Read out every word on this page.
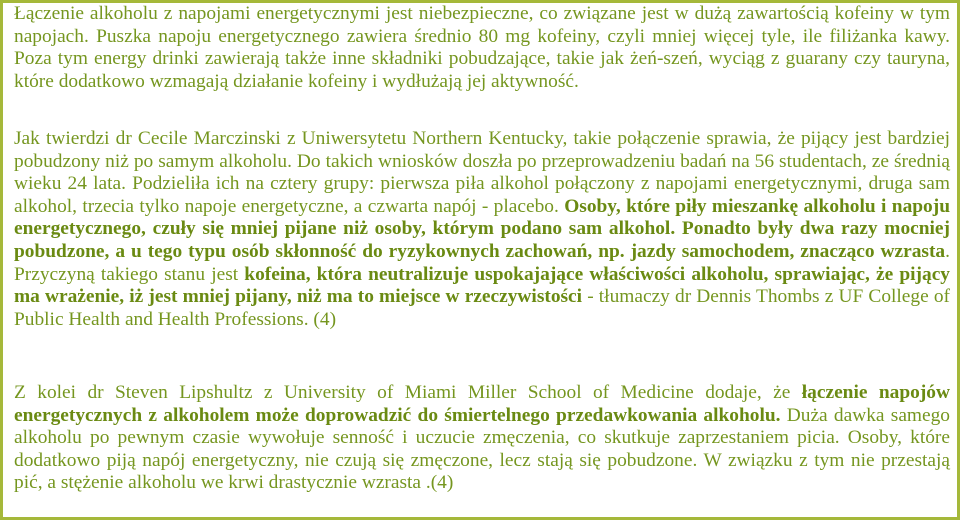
Łączenie alkoholu z napojami energetycznymi jest niebezpieczne, co związane jest w dużą zawartością kofeiny w tym napojach. Puszka napoju energetycznego zawiera średnio 80 mg kofeiny, czyli mniej więcej tyle, ile filiżanka kawy. Poza tym energy drinki zawierają także inne składniki pobudzające, takie jak żeń-szeń, wyciąg z guarany czy tauryna, które dodatkowo wzmagają działanie kofeiny i wydłużają jej aktywność.

Jak twierdzi dr Cecile Marczinski z Uniwersytetu Northern Kentucky, takie połączenie sprawia, że pijący jest bardziej pobudzony niż po samym alkoholu. Do takich wniosków doszła po przeprowadzeniu badań na 56 studentach, ze średnią wieku 24 lata. Podzieliła ich na cztery grupy: pierwsza piła alkohol połączony z napojami energetycznymi, druga sam alkohol, trzecia tylko napoje energetyczne, a czwarta napój - placebo. Osoby, które piły mieszankę alkoholu i napoju energetycznego, czuły się mniej pijane niż osoby, którym podano sam alkohol. Ponadto były dwa razy mocniej pobudzone, a u tego typu osób skłonność do ryzykownych zachowań, np. jazdy samochodem, znacząco wzrasta. Przyczyną takiego stanu jest kofeina, która neutralizuje uspokajające właściwości alkoholu, sprawiając, że pijący ma wrażenie, iż jest mniej pijany, niż ma to miejsce w rzeczywistości - tłumaczy dr Dennis Thombs z UF College of Public Health and Health Professions. (4)

Z kolei dr Steven Lipshultz z University of Miami Miller School of Medicine dodaje, że łączenie napojów energetycznych z alkoholem może doprowadzić do śmiertelnego przedawkowania alkoholu. Duża dawka samego alkoholu po pewnym czasie wywołuje senność i uczucie zmęczenia, co skutkuje zaprzestaniem picia. Osoby, które dodatkowo piją napój energetyczny, nie czują się zmęczone, lecz stają się pobudzone. W związku z tym nie przestają pić, a stężenie alkoholu we krwi drastycznie wzrasta .(4)
